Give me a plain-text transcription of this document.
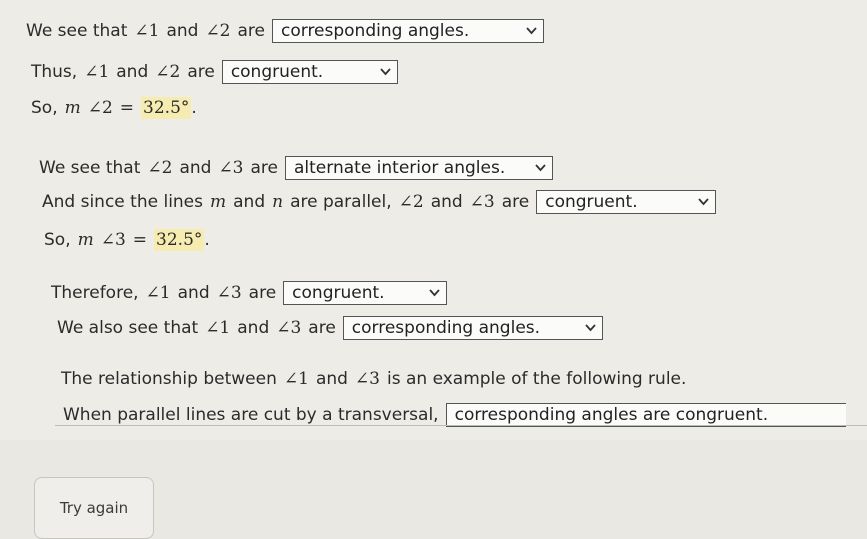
We see that ∠1 and ∠2 are corresponding angles.
Thus, ∠1 and ∠2 are congruent.
So, m ∠2 = 32.5° .
We see that ∠2 and ∠3 are alternate interior angles.
And since the lines m and n are parallel, ∠2 and ∠3 are congruent.
So, m ∠3 = 32.5° .
Therefore, ∠1 and ∠3 are congruent.
We also see that ∠1 and ∠3 are corresponding angles.
The relationship between ∠1 and ∠3 is an example of the following rule.
When parallel lines are cut by a transversal, corresponding angles are congruent.
Try again
